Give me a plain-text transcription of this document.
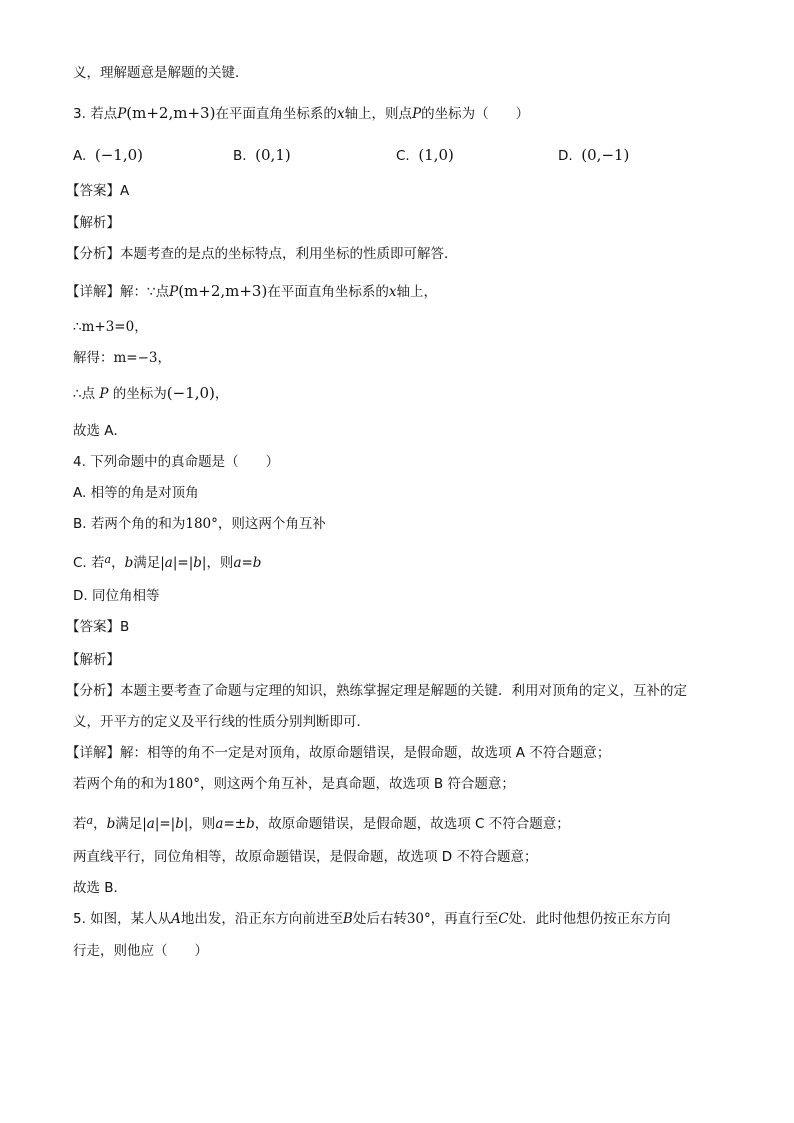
义，理解题意是解题的关键．
3. 若点P(m+2,m+3)在平面直角坐标系的x轴上，则点P的坐标为（　　）
A. (−1,0)	B. (0,1)	C. (1,0)	D. (0,−1)
【答案】A
【解析】
【分析】本题考查的是点的坐标特点，利用坐标的性质即可解答．
【详解】解：∵点P(m+2,m+3)在平面直角坐标系的x轴上，
∴m+3=0，
解得：m=−3，
∴点 P 的坐标为(−1,0)，
故选 A．
4. 下列命题中的真命题是（　　）
A. 相等的角是对顶角
B. 若两个角的和为180°，则这两个角互补
C. 若$^a$，b满足|a|=|b|，则a=b
D. 同位角相等
【答案】B
【解析】
【分析】本题主要考查了命题与定理的知识，熟练掌握定理是解题的关键．利用对顶角的定义，互补的定
义，开平方的定义及平行线的性质分别判断即可．
【详解】解：相等的角不一定是对顶角，故原命题错误，是假命题，故选项 A 不符合题意；
若两个角的和为180°，则这两个角互补，是真命题，故选项 B 符合题意；
若$^a$，b满足|a|=|b|，则a=±b，故原命题错误，是假命题，故选项 C 不符合题意；
两直线平行，同位角相等，故原命题错误，是假命题，故选项 D 不符合题意；
故选 B．
5. 如图，某人从A地出发，沿正东方向前进至B处后右转30°，再直行至C处．此时他想仍按正东方向
行走，则他应（　　）
